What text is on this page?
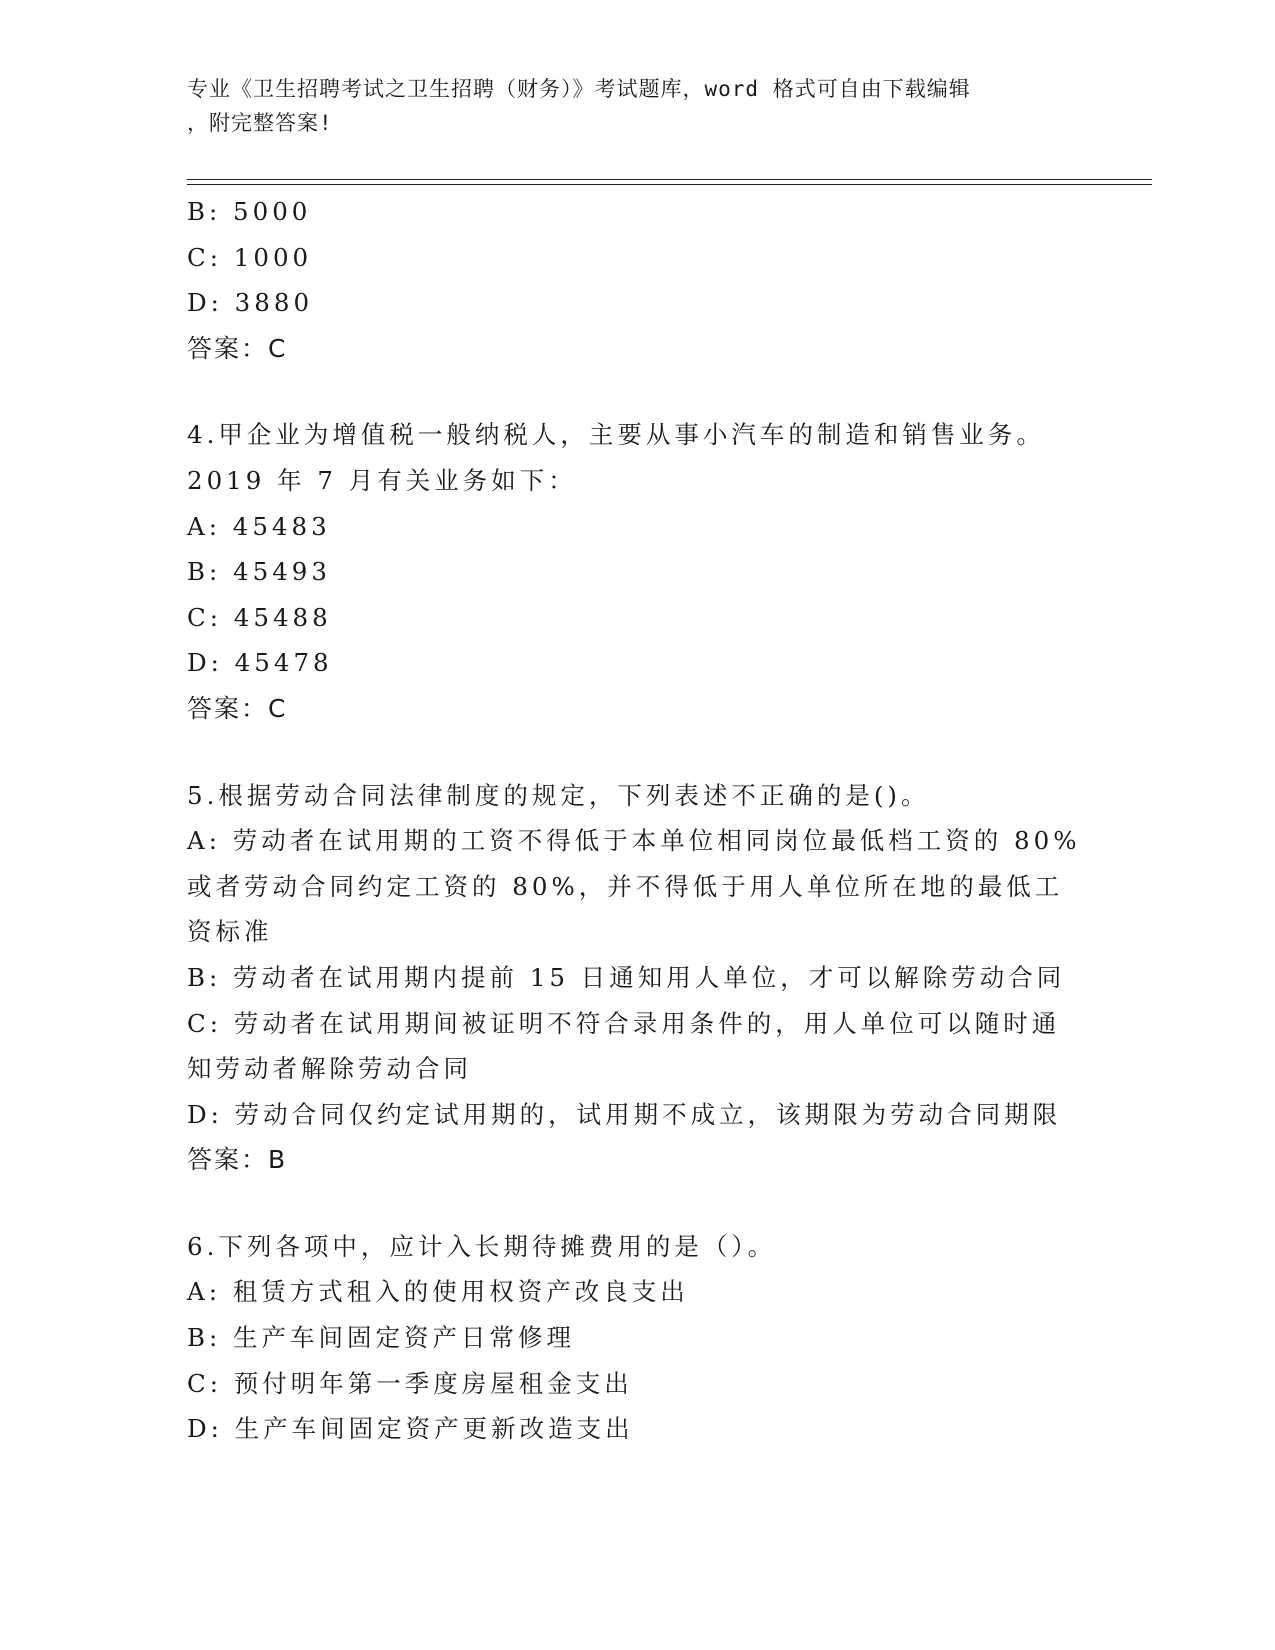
专业《卫生招聘考试之卫生招聘（财务）》考试题库，word 格式可自由下载编辑
，附完整答案!
B: 5000
C: 1000
D: 3880
答案：C
4.甲企业为增值税一般纳税人，主要从事小汽车的制造和销售业务。
2019 年 7 月有关业务如下：
A: 45483
B: 45493
C: 45488
D: 45478
答案：C
5.根据劳动合同法律制度的规定，下列表述不正确的是()。
A: 劳动者在试用期的工资不得低于本单位相同岗位最低档工资的 80%
或者劳动合同约定工资的 80%，并不得低于用人单位所在地的最低工
资标准
B: 劳动者在试用期内提前 15 日通知用人单位，才可以解除劳动合同
C: 劳动者在试用期间被证明不符合录用条件的，用人单位可以随时通
知劳动者解除劳动合同
D: 劳动合同仅约定试用期的，试用期不成立，该期限为劳动合同期限
答案：B
6.下列各项中，应计入长期待摊费用的是（）。
A: 租赁方式租入的使用权资产改良支出
B: 生产车间固定资产日常修理
C: 预付明年第一季度房屋租金支出
D: 生产车间固定资产更新改造支出
